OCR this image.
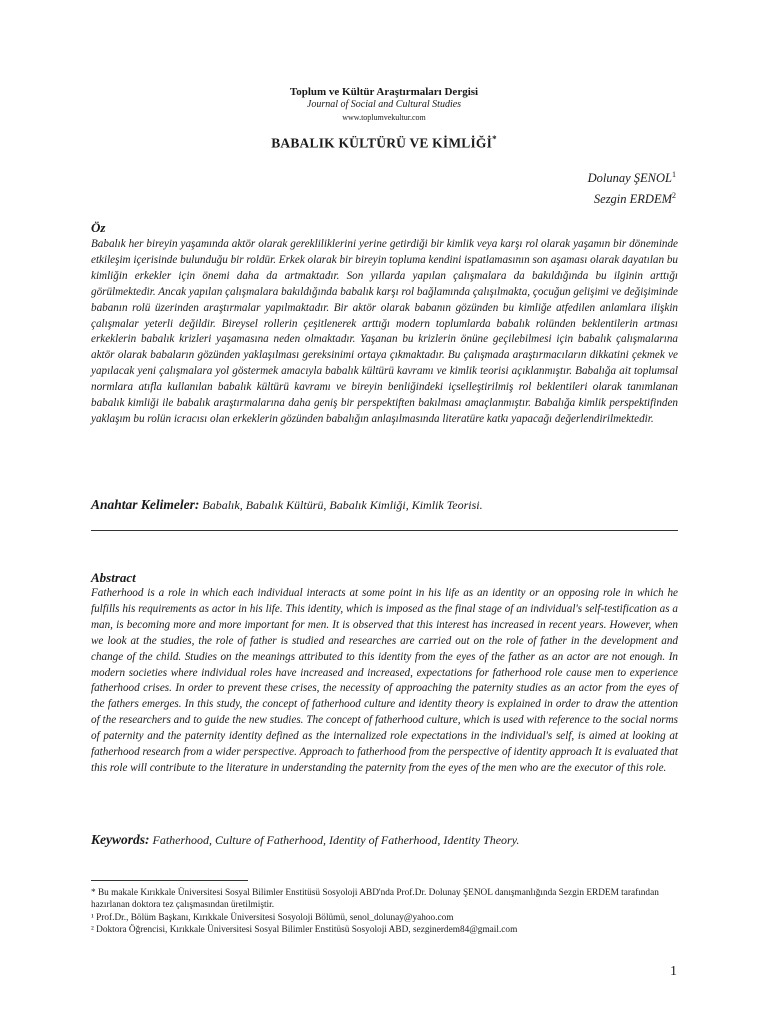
Toplum ve Kültür Araştırmaları Dergisi
Journal of Social and Cultural Studies
www.toplumvekultur.com
BABALIK KÜLTÜRÜ VE KİMLİĞİ*
Dolunay ŞENOL$^1$
Sezgin ERDEM$^2$
Öz
Babalık her bireyin yaşamında aktör olarak gerekliliklerini yerine getirdiği bir kimlik veya karşı rol olarak yaşamın bir döneminde etkileşim içerisinde bulunduğu bir roldür. Erkek olarak bir bireyin topluma kendini ispatlamasının son aşaması olarak dayatılan bu kimliğin erkekler için önemi daha da artmaktadır. Son yıllarda yapılan çalışmalara da bakıldığında bu ilginin arttığı görülmektedir. Ancak yapılan çalışmalara bakıldığında babalık karşı rol bağlamında çalışılmakta, çocuğun gelişimi ve değişiminde babanın rolü üzerinden araştırmalar yapılmaktadır. Bir aktör olarak babanın gözünden bu kimliğe atfedilen anlamlara ilişkin çalışmalar yeterli değildir. Bireysel rollerin çeşitlenerek arttığı modern toplumlarda babalık rolünden beklentilerin artması erkeklerin babalık krizleri yaşamasına neden olmaktadır. Yaşanan bu krizlerin önüne geçilebilmesi için babalık çalışmalarına aktör olarak babaların gözünden yaklaşılması gereksinimi ortaya çıkmaktadır. Bu çalışmada araştırmacıların dikkatini çekmek ve yapılacak yeni çalışmalara yol göstermek amacıyla babalık kültürü kavramı ve kimlik teorisi açıklanmıştır. Babalığa ait toplumsal normlara atıfla kullanılan babalık kültürü kavramı ve bireyin benliğindeki içselleştirilmiş rol beklentileri olarak tanımlanan babalık kimliği ile babalık araştırmalarına daha geniş bir perspektiften bakılması amaçlanmıştır. Babalığa kimlik perspektifinden yaklaşım bu rolün icracısı olan erkeklerin gözünden babalığın anlaşılmasında literatüre katkı yapacağı değerlendirilmektedir.
Anahtar Kelimeler: Babalık, Babalık Kültürü, Babalık Kimliği, Kimlik Teorisi.
Abstract
Fatherhood is a role in which each individual interacts at some point in his life as an identity or an opposing role in which he fulfills his requirements as actor in his life. This identity, which is imposed as the final stage of an individual's self-testification as a man, is becoming more and more important for men. It is observed that this interest has increased in recent years. However, when we look at the studies, the role of father is studied and researches are carried out on the role of father in the development and change of the child. Studies on the meanings attributed to this identity from the eyes of the father as an actor are not enough. In modern societies where individual roles have increased and increased, expectations for fatherhood role cause men to experience fatherhood crises. In order to prevent these crises, the necessity of approaching the paternity studies as an actor from the eyes of the fathers emerges. In this study, the concept of fatherhood culture and identity theory is explained in order to draw the attention of the researchers and to guide the new studies. The concept of fatherhood culture, which is used with reference to the social norms of paternity and the paternity identity defined as the internalized role expectations in the individual's self, is aimed at looking at fatherhood research from a wider perspective. Approach to fatherhood from the perspective of identity approach It is evaluated that this role will contribute to the literature in understanding the paternity from the eyes of the men who are the executor of this role.
Keywords: Fatherhood, Culture of Fatherhood, Identity of Fatherhood, Identity Theory.
* Bu makale Kırıkkale Üniversitesi Sosyal Bilimler Enstitüsü Sosyoloji ABD'nda Prof.Dr. Dolunay ŞENOL danışmanlığında Sezgin ERDEM tarafından hazırlanan doktora tez çalışmasından üretilmiştir.
¹ Prof.Dr., Bölüm Başkanı, Kırıkkale Üniversitesi Sosyoloji Bölümü, senol_dolunay@yahoo.com
² Doktora Öğrencisi, Kırıkkale Üniversitesi Sosyal Bilimler Enstitüsü Sosyoloji ABD, sezginerdem84@gmail.com
1
